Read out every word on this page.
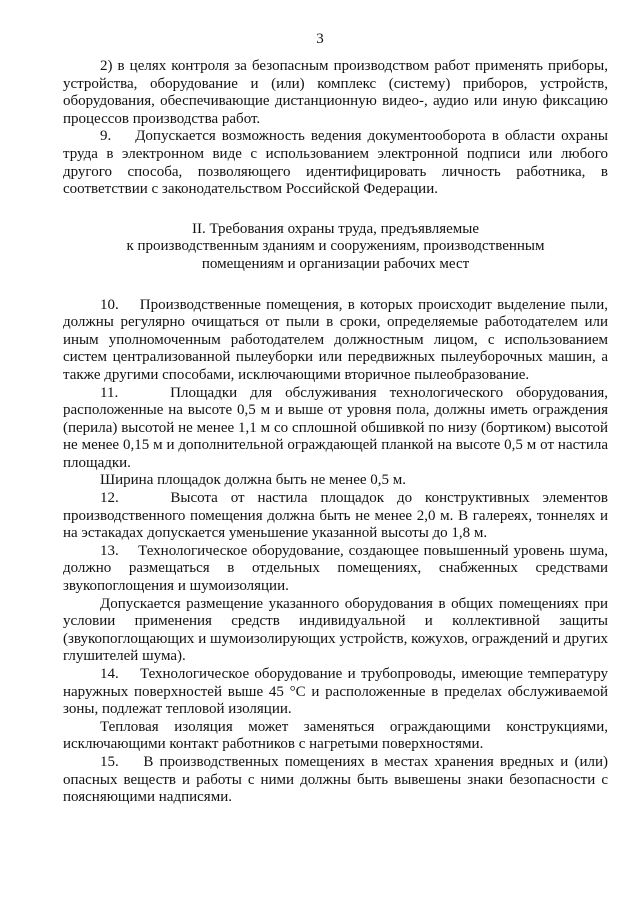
3

2) в целях контроля за безопасным производством работ применять приборы, устройства, оборудование и (или) комплекс (систему) приборов, устройств, оборудования, обеспечивающие дистанционную видео-, аудио или иную фиксацию процессов производства работ.

9.    Допускается возможность ведения документооборота в области охраны труда в электронном виде с использованием электронной подписи или любого другого способа, позволяющего идентифицировать личность работника, в соответствии с законодательством Российской Федерации.

II. Требования охраны труда, предъявляемые
к производственным зданиям и сооружениям, производственным
помещениям и организации рабочих мест

10.    Производственные помещения, в которых происходит выделение пыли, должны регулярно очищаться от пыли в сроки, определяемые работодателем или иным уполномоченным работодателем должностным лицом, с использованием систем централизованной пылеуборки или передвижных пылеуборочных машин, а также другими способами, исключающими вторичное пылеобразование.

11.    Площадки для обслуживания технологического оборудования, расположенные на высоте 0,5 м и выше от уровня пола, должны иметь ограждения (перила) высотой не менее 1,1 м со сплошной обшивкой по низу (бортиком) высотой не менее 0,15 м и дополнительной ограждающей планкой на высоте 0,5 м от настила площадки.

Ширина площадок должна быть не менее 0,5 м.

12.    Высота от настила площадок до конструктивных элементов производственного помещения должна быть не менее 2,0 м. В галереях, тоннелях и на эстакадах допускается уменьшение указанной высоты до 1,8 м.

13.    Технологическое оборудование, создающее повышенный уровень шума, должно размещаться в отдельных помещениях, снабженных средствами звукопоглощения и шумоизоляции.

Допускается размещение указанного оборудования в общих помещениях при условии применения средств индивидуальной и коллективной защиты (звукопоглощающих и шумоизолирующих устройств, кожухов, ограждений и других глушителей шума).

14.    Технологическое оборудование и трубопроводы, имеющие температуру наружных поверхностей выше 45 °С и расположенные в пределах обслуживаемой зоны, подлежат тепловой изоляции.

Тепловая изоляция может заменяться ограждающими конструкциями, исключающими контакт работников с нагретыми поверхностями.

15.    В производственных помещениях в местах хранения вредных и (или) опасных веществ и работы с ними должны быть вывешены знаки безопасности с поясняющими надписями.
